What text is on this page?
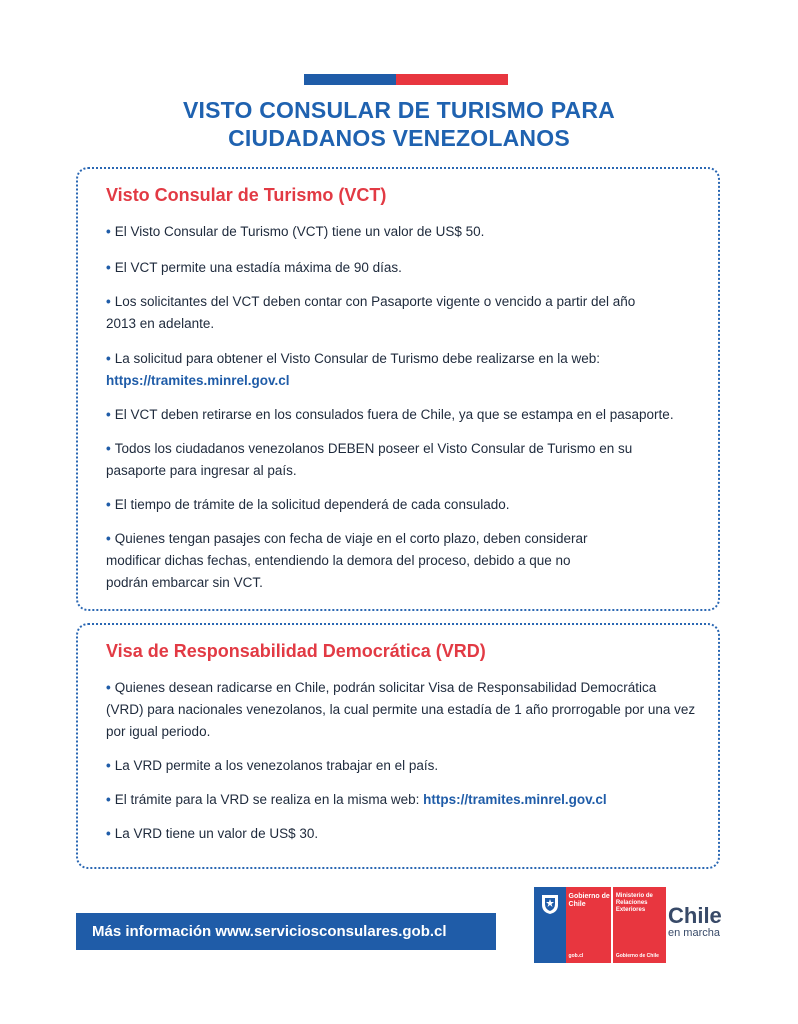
VISTO CONSULAR DE TURISMO PARA
CIUDADANOS VENEZOLANOS
Visto Consular de Turismo (VCT)
• El Visto Consular de Turismo (VCT) tiene un valor de US$ 50.
• El VCT permite una estadía máxima de 90 días.
• Los solicitantes del VCT deben contar con Pasaporte vigente o vencido a partir del año 2013 en adelante.
• La solicitud para obtener el Visto Consular de Turismo debe realizarse en la web:
https://tramites.minrel.gov.cl
• El VCT deben retirarse en los consulados fuera de Chile, ya que se estampa en el pasaporte.
• Todos los ciudadanos venezolanos DEBEN poseer el Visto Consular de Turismo en su pasaporte para ingresar al país.
• El tiempo de trámite de la solicitud dependerá de cada consulado.
• Quienes tengan pasajes con fecha de viaje en el corto plazo, deben considerar modificar dichas fechas, entendiendo la demora del proceso, debido a que no podrán embarcar sin VCT.
Visa de Responsabilidad Democrática (VRD)
• Quienes desean radicarse en Chile, podrán solicitar Visa de Responsabilidad Democrática (VRD) para nacionales venezolanos, la cual permite una estadía de 1 año prorrogable por una vez por igual periodo.
• La VRD permite a los venezolanos trabajar en el país.
• El trámite para la VRD se realiza en la misma web: https://tramites.minrel.gov.cl
• La VRD tiene un valor de US$ 30.
Más información www.serviciosconsulares.gob.cl
Gobierno de Chile
gob.cl
Ministerio de Relaciones Exteriores
Gobierno de Chile
Chile
en marcha
